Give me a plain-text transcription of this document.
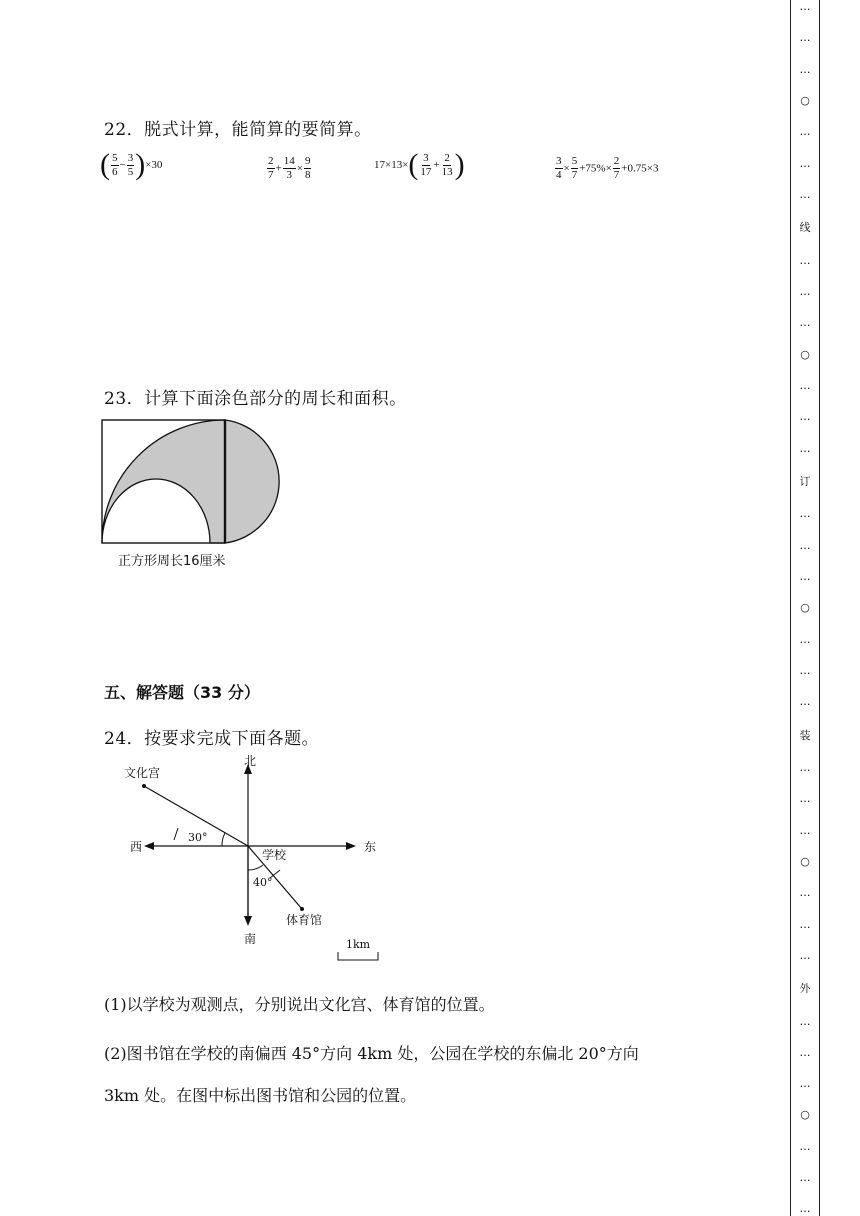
22．脱式计算，能简算的要简算。
( $\frac{5}{6} - \frac{3}{5} )\times 30$	$\frac{2}{7} + \frac{14}{3} \times \frac{9}{8}$	$17\times 13\times( \frac{3}{17} + \frac{2}{13}$ )	$\frac{3}{4} \times \frac{5}{7} +75\%\times \frac{2}{7} +0.75\times 3$
23．计算下面涂色部分的周长和面积。
正方形周长16厘米
五、解答题（33 分）
24．按要求完成下面各题。
北
南
东
西
文化宫
学校
体育馆
30°
40°
1km
(1)以学校为观测点，分别说出文化宫、体育馆的位置。
(2)图书馆在学校的南偏西 45°方向 4km 处，公园在学校的东偏北 20°方向
3km 处。在图中标出图书馆和公园的位置。
…
…
…
○
…
…
…
线
…
…
…
○
…
…
…
订
…
…
…
○
…
…
…
装
…
…
…
○
…
…
…
外
…
…
…
○
…
…
…
